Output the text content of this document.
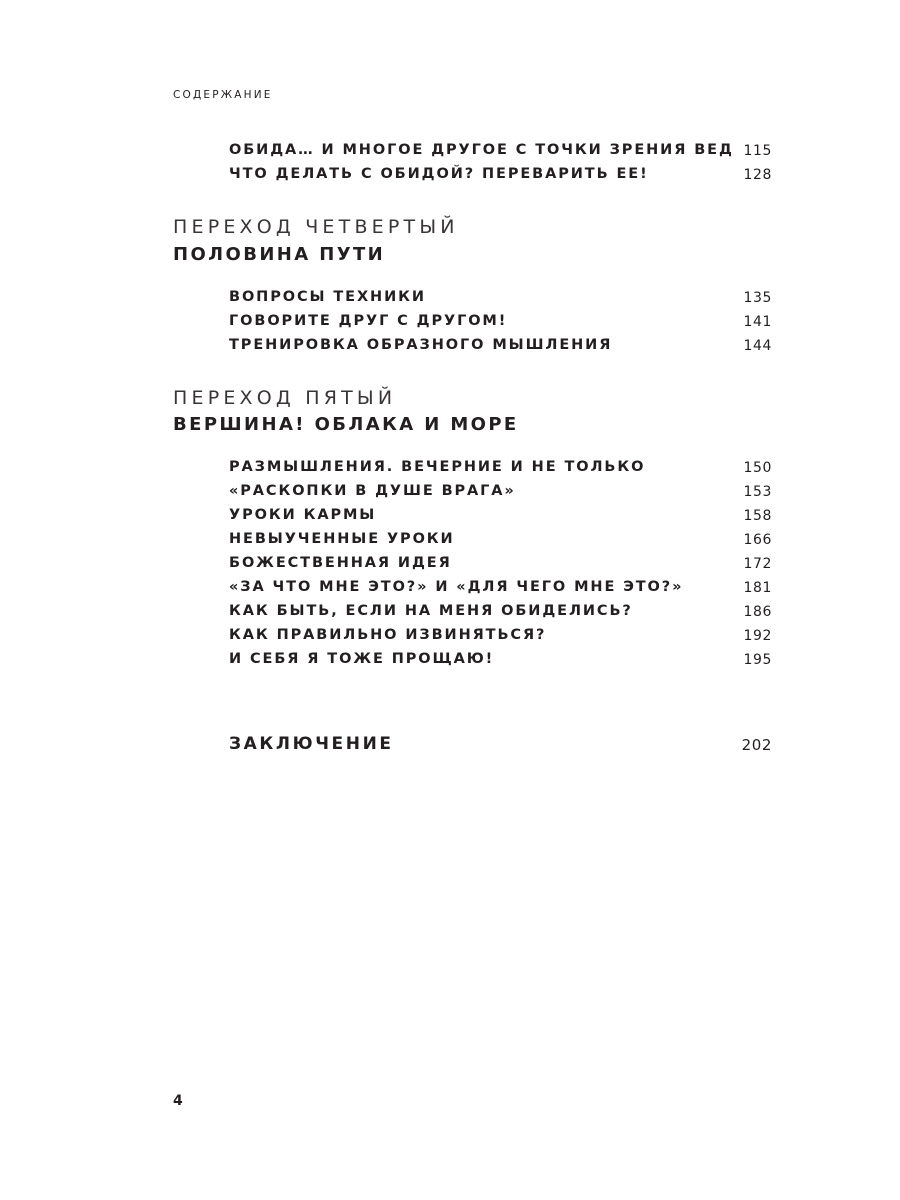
СОДЕРЖАНИЕ
ОБИДА… И МНОГОЕ ДРУГОЕ С ТОЧКИ ЗРЕНИЯ ВЕД 115
ЧТО ДЕЛАТЬ С ОБИДОЙ? ПЕРЕВАРИТЬ ЕЕ!	128
ПЕРЕХОД ЧЕТВЕРТЫЙ
ПОЛОВИНА ПУТИ
ВОПРОСЫ ТЕХНИКИ	135
ГОВОРИТЕ ДРУГ С ДРУГОМ!	141
ТРЕНИРОВКА ОБРАЗНОГО МЫШЛЕНИЯ	144
ПЕРЕХОД ПЯТЫЙ
ВЕРШИНА! ОБЛАКА И МОРЕ
РАЗМЫШЛЕНИЯ. ВЕЧЕРНИЕ И НЕ ТОЛЬКО	150
«РАСКОПКИ В ДУШЕ ВРАГА»	153
УРОКИ КАРМЫ	158
НЕВЫУЧЕННЫЕ УРОКИ	166
БОЖЕСТВЕННАЯ ИДЕЯ	172
«ЗА ЧТО МНЕ ЭТО?» И «ДЛЯ ЧЕГО МНЕ ЭТО?»	181
КАК БЫТЬ, ЕСЛИ НА МЕНЯ ОБИДЕЛИСЬ?	186
КАК ПРАВИЛЬНО ИЗВИНЯТЬСЯ?	192
И СЕБЯ Я ТОЖЕ ПРОЩАЮ!	195
ЗАКЛЮЧЕНИЕ	202
4
